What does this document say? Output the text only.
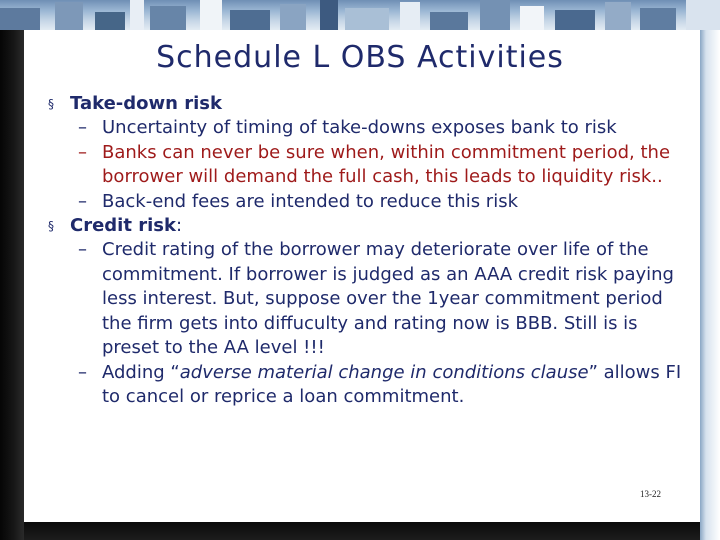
Schedule L OBS Activities
§ Take-down risk
– Uncertainty of timing of take-downs exposes bank to risk
– Banks can never be sure when, within commitment period, the borrower will demand the full cash, this leads to liquidity risk..
– Back-end fees are intended to reduce this risk
§ Credit risk:
– Credit rating of the borrower may deteriorate over life of the commitment. If borrower is judged as an AAA credit risk paying less interest. But, suppose over the 1year commitment period the firm gets into diffuculty and rating now is BBB. Still is is preset to the AA level !!!
– Adding “adverse material change in conditions clause” allows FI to cancel or reprice a loan commitment.
13-22
